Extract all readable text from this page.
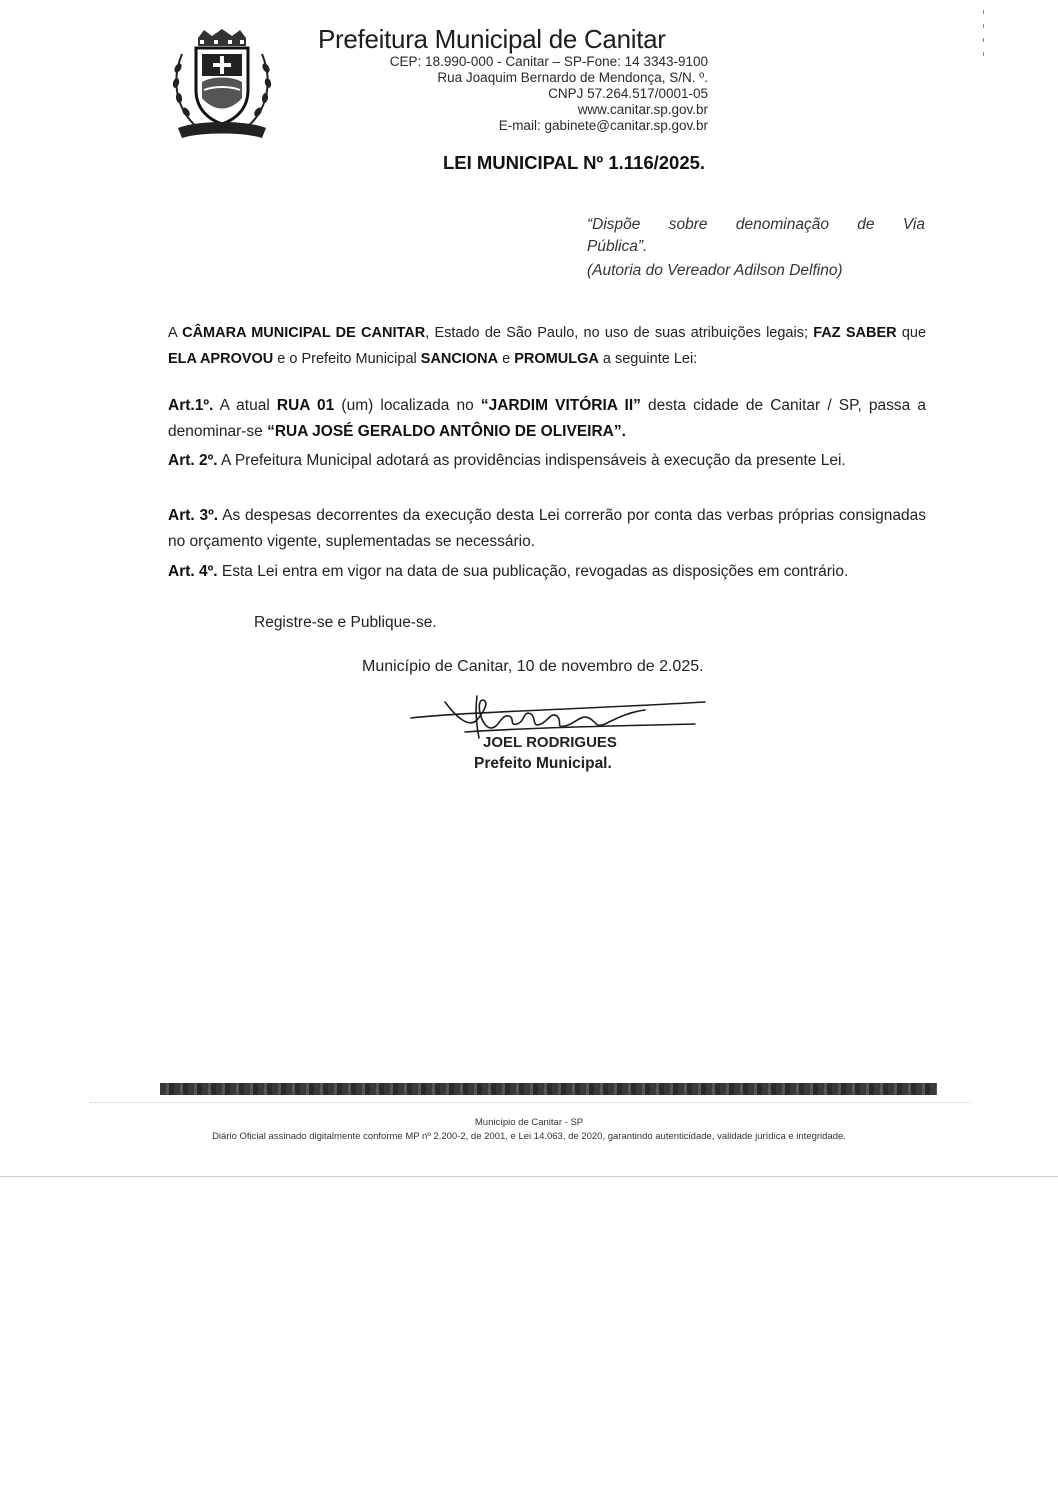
Prefeitura Municipal de Canitar
CEP: 18.990-000 - Canitar – SP-Fone: 14 3343-9100
Rua Joaquim Bernardo de Mendonça, S/N. º.
CNPJ 57.264.517/0001-05
www.canitar.sp.gov.br
E-mail: gabinete@canitar.sp.gov.br
LEI MUNICIPAL Nº 1.116/2025.
“Dispõe sobre denominação de Via
Pública”.
(Autoria do Vereador Adilson Delfino)
A CÂMARA MUNICIPAL DE CANITAR, Estado de São Paulo, no uso de suas atribuições legais; FAZ SABER que ELA APROVOU e o Prefeito Municipal SANCIONA e PROMULGA a seguinte Lei:
Art.1º. A atual RUA 01 (um) localizada no “JARDIM VITÓRIA II” desta cidade de Canitar / SP, passa a denominar-se “RUA JOSÉ GERALDO ANTÔNIO DE OLIVEIRA”.
Art. 2º. A Prefeitura Municipal adotará as providências indispensáveis à execução da presente Lei.
Art. 3º. As despesas decorrentes da execução desta Lei correrão por conta das verbas próprias consignadas no orçamento vigente, suplementadas se necessário.
Art. 4º. Esta Lei entra em vigor na data de sua publicação, revogadas as disposições em contrário.
Registre-se e Publique-se.
Município de Canitar, 10 de novembro de 2.025.
JOEL RODRIGUES
Prefeito Municipal.
Município de Canitar - SP
Diário Oficial assinado digitalmente conforme MP nº 2.200-2, de 2001, e Lei 14.063, de 2020, garantindo autenticidade, validade jurídica e integridade.
